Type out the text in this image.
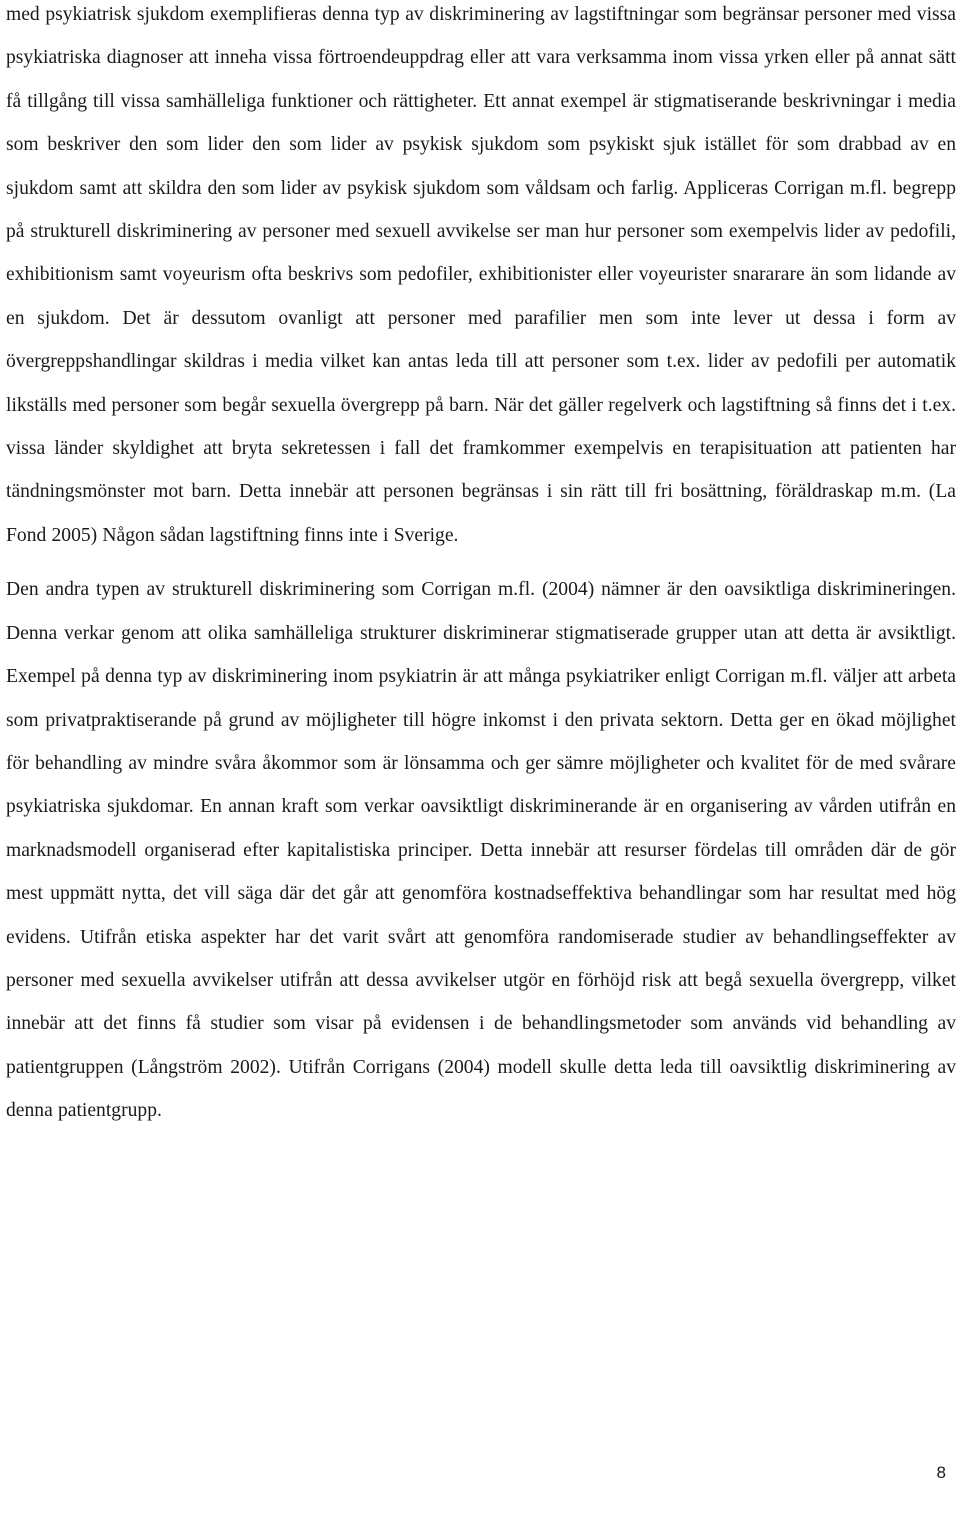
med psykiatrisk sjukdom exemplifieras denna typ av diskriminering av lagstiftningar som begränsar personer med vissa psykiatriska diagnoser att inneha vissa förtroendeuppdrag eller att vara verksamma inom vissa yrken eller på annat sätt få tillgång till vissa samhälleliga funktioner och rättigheter. Ett annat exempel är stigmatiserande beskrivningar i media som beskriver den som lider den som lider av psykisk sjukdom som psykiskt sjuk istället för som drabbad av en sjukdom samt att skildra den som lider av psykisk sjukdom som våldsam och farlig. Appliceras Corrigan m.fl. begrepp på strukturell diskriminering av personer med sexuell avvikelse ser man hur personer som exempelvis lider av pedofili, exhibitionism samt voyeurism ofta beskrivs som pedofiler, exhibitionister eller voyeurister snararare än som lidande av en sjukdom. Det är dessutom ovanligt att personer med parafilier men som inte lever ut dessa i form av övergreppshandlingar skildras i media vilket kan antas leda till att personer som t.ex. lider av pedofili per automatik likställs med personer som begår sexuella övergrepp på barn. När det gäller regelverk och lagstiftning så finns det i t.ex. vissa länder skyldighet att bryta sekretessen i fall det framkommer exempelvis en terapisituation att patienten har tändningsmönster mot barn. Detta innebär att personen begränsas i sin rätt till fri bosättning, föräldraskap m.m. (La Fond 2005) Någon sådan lagstiftning finns inte i Sverige.

Den andra typen av strukturell diskriminering som Corrigan m.fl. (2004) nämner är den oavsiktliga diskrimineringen. Denna verkar genom att olika samhälleliga strukturer diskriminerar stigmatiserade grupper utan att detta är avsiktligt. Exempel på denna typ av diskriminering inom psykiatrin är att många psykiatriker enligt Corrigan m.fl. väljer att arbeta som privatpraktiserande på grund av möjligheter till högre inkomst i den privata sektorn. Detta ger en ökad möjlighet för behandling av mindre svåra åkommor som är lönsamma och ger sämre möjligheter och kvalitet för de med svårare psykiatriska sjukdomar. En annan kraft som verkar oavsiktligt diskriminerande är en organisering av vården utifrån en marknadsmodell organiserad efter kapitalistiska principer. Detta innebär att resurser fördelas till områden där de gör mest uppmätt nytta, det vill säga där det går att genomföra kostnadseffektiva behandlingar som har resultat med hög evidens. Utifrån etiska aspekter har det varit svårt att genomföra randomiserade studier av behandlingseffekter av personer med sexuella avvikelser utifrån att dessa avvikelser utgör en förhöjd risk att begå sexuella övergrepp, vilket innebär att det finns få studier som visar på evidensen i de behandlingsmetoder som används vid behandling av patientgruppen (Långström 2002). Utifrån Corrigans (2004) modell skulle detta leda till oavsiktlig diskriminering av denna patientgrupp.

8
